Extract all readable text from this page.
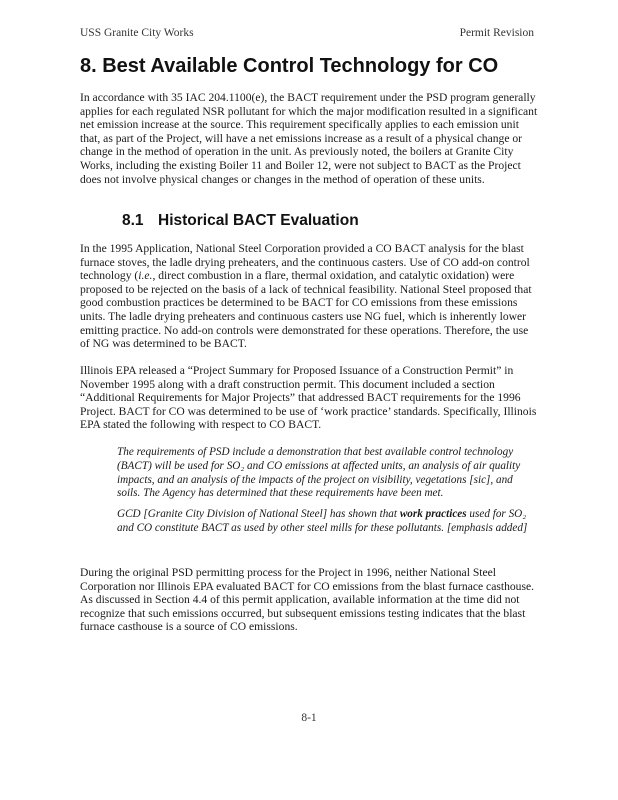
USS Granite City Works	Permit Revision
8. Best Available Control Technology for CO

In accordance with 35 IAC 204.1100(e), the BACT requirement under the PSD program generally applies for each regulated NSR pollutant for which the major modification resulted in a significant net emission increase at the source. This requirement specifically applies to each emission unit that, as part of the Project, will have a net emissions increase as a result of a physical change or change in the method of operation in the unit. As previously noted, the boilers at Granite City Works, including the existing Boiler 11 and Boiler 12, were not subject to BACT as the Project does not involve physical changes or changes in the method of operation of these units.

8.1 Historical BACT Evaluation

In the 1995 Application, National Steel Corporation provided a CO BACT analysis for the blast furnace stoves, the ladle drying preheaters, and the continuous casters. Use of CO add-on control technology (i.e., direct combustion in a flare, thermal oxidation, and catalytic oxidation) were proposed to be rejected on the basis of a lack of technical feasibility. National Steel proposed that good combustion practices be determined to be BACT for CO emissions from these emissions units. The ladle drying preheaters and continuous casters use NG fuel, which is inherently lower emitting practice. No add-on controls were demonstrated for these operations. Therefore, the use of NG was determined to be BACT.

Illinois EPA released a “Project Summary for Proposed Issuance of a Construction Permit” in November 1995 along with a draft construction permit. This document included a section “Additional Requirements for Major Projects” that addressed BACT requirements for the 1996 Project. BACT for CO was determined to be use of ‘work practice’ standards. Specifically, Illinois EPA stated the following with respect to CO BACT.

The requirements of PSD include a demonstration that best available control technology (BACT) will be used for SO₂ and CO emissions at affected units, an analysis of air quality impacts, and an analysis of the impacts of the project on visibility, vegetations [sic], and soils. The Agency has determined that these requirements have been met.

GCD [Granite City Division of National Steel] has shown that work practices used for SO₂ and CO constitute BACT as used by other steel mills for these pollutants. [emphasis added]

During the original PSD permitting process for the Project in 1996, neither National Steel Corporation nor Illinois EPA evaluated BACT for CO emissions from the blast furnace casthouse. As discussed in Section 4.4 of this permit application, available information at the time did not recognize that such emissions occurred, but subsequent emissions testing indicates that the blast furnace casthouse is a source of CO emissions.

8-1
